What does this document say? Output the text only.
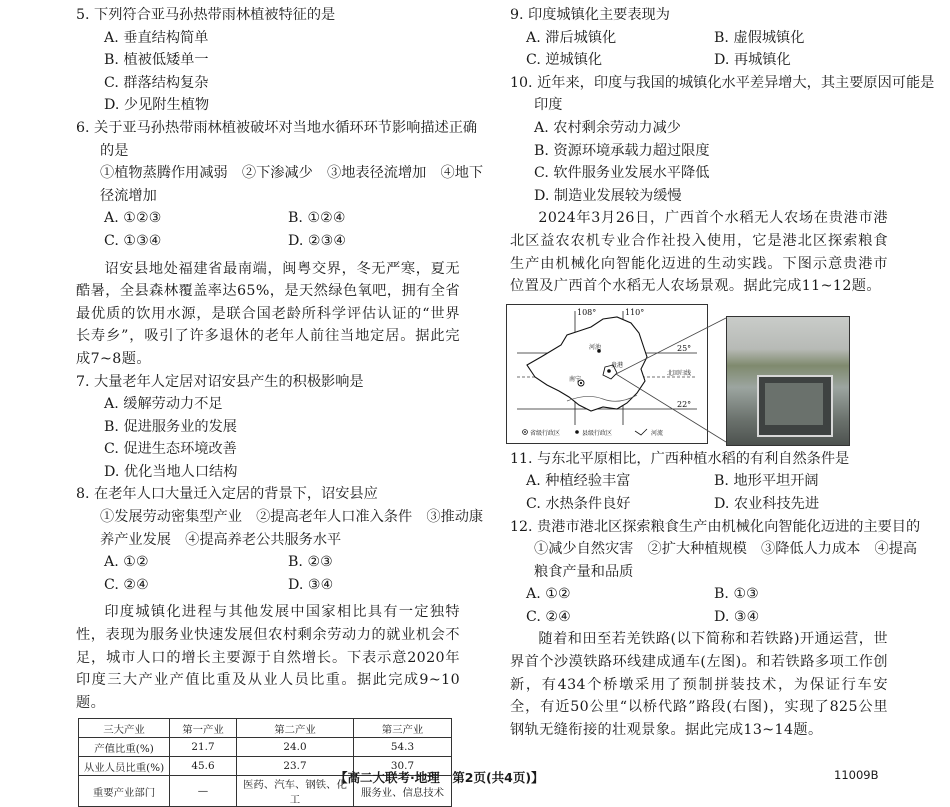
5. 下列符合亚马孙热带雨林植被特征的是
A. 垂直结构简单
B. 植被低矮单一
C. 群落结构复杂
D. 少见附生植物
6. 关于亚马孙热带雨林植被破坏对当地水循环环节影响描述正确
的是
①植物蒸腾作用减弱　②下渗减少　③地表径流增加　④地下
径流增加
A. ①②③	B. ①②④
C. ①③④	D. ②③④
诏安县地处福建省最南端，闽粤交界，冬无严寒，夏无酷暑，全县森林覆盖率达65%，是天然绿色氧吧，拥有全省最优质的饮用水源，是联合国老龄所科学评估认证的“世界长寿乡”，吸引了许多退休的老年人前往当地定居。据此完成7~8题。
7. 大量老年人定居对诏安县产生的积极影响是
A. 缓解劳动力不足
B. 促进服务业的发展
C. 促进生态环境改善
D. 优化当地人口结构
8. 在老年人口大量迁入定居的背景下，诏安县应
①发展劳动密集型产业　②提高老年人口准入条件　③推动康
养产业发展　④提高养老公共服务水平
A. ①②	B. ②③
C. ②④	D. ③④
印度城镇化进程与其他发展中国家相比具有一定独特性，表现为服务业快速发展但农村剩余劳动力的就业机会不足，城市人口的增长主要源于自然增长。下表示意2020年印度三大产业产值比重及从业人员比重。据此完成9~10题。
三大产业	第一产业	第二产业	第三产业
产值比重(%)	21.7	24.0	54.3
从业人员比重(%)	45.6	23.7	30.7
重要产业部门	—	医药、汽车、钢铁、化工	服务业、信息技术
9. 印度城镇化主要表现为
A. 滞后城镇化	B. 虚假城镇化
C. 逆城镇化	D. 再城镇化
10. 近年来，印度与我国的城镇化水平差异增大，其主要原因可能是
印度
A. 农村剩余劳动力减少
B. 资源环境承载力超过限度
C. 软件服务业发展水平降低
D. 制造业发展较为缓慢
2024年3月26日，广西首个水稻无人农场在贵港市港北区益农农机专业合作社投入使用，它是港北区探索粮食生产由机械化向智能化迈进的生动实践。下图示意贵港市位置及广西首个水稻无人农场景观。据此完成11~12题。
108°	110°
25°
22°
北回归线
河池
南宁
贵港
省级行政区	县级行政区	河流
11. 与东北平原相比，广西种植水稻的有利自然条件是
A. 种植经验丰富	B. 地形平坦开阔
C. 水热条件良好	D. 农业科技先进
12. 贵港市港北区探索粮食生产由机械化向智能化迈进的主要目的
①减少自然灾害　②扩大种植规模　③降低人力成本　④提高
粮食产量和品质
A. ①②	B. ①③
C. ②④	D. ③④
随着和田至若羌铁路(以下简称和若铁路)开通运营，世界首个沙漠铁路环线建成通车(左图)。和若铁路多项工作创新，有434个桥墩采用了预制拼装技术，为保证行车安全，有近50公里“以桥代路”路段(右图)，实现了825公里钢轨无缝衔接的壮观景象。据此完成13~14题。
【高二大联考·地理　第2页(共4页)】	11009B
